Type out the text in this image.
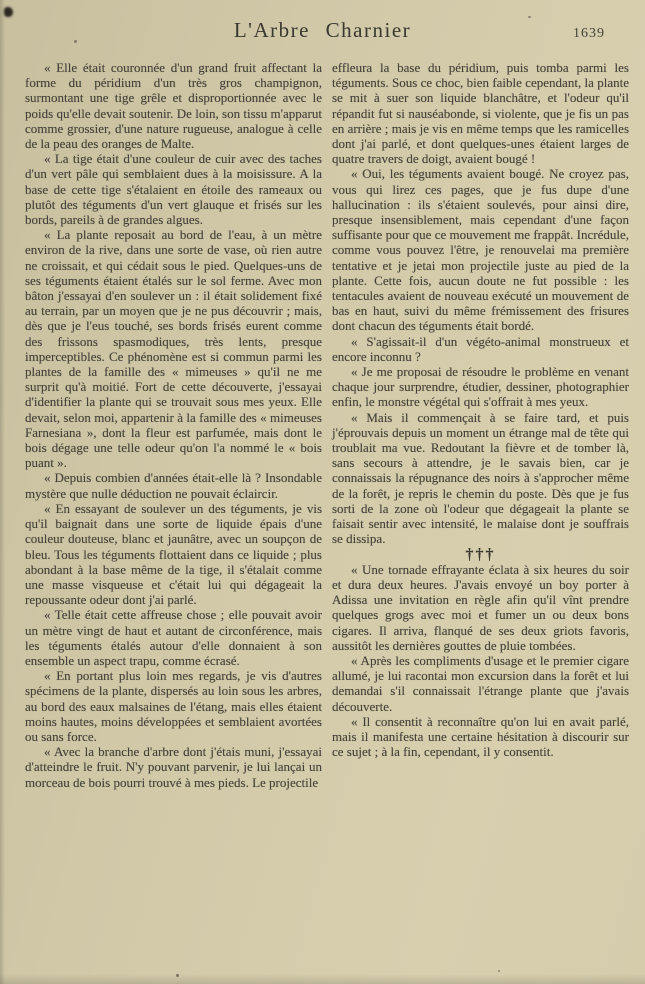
L'Arbre Charnier	1639

« Elle était couronnée d'un grand fruit affectant la forme du péridium d'un très gros champignon, surmontant une tige grêle et disproportionnée avec le poids qu'elle devait soutenir. De loin, son tissu m'apparut comme grossier, d'une nature rugueuse, analogue à celle de la peau des oranges de Malte.

« La tige était d'une couleur de cuir avec des taches d'un vert pâle qui semblaient dues à la moisissure. A la base de cette tige s'étalaient en étoile des rameaux ou plutôt des téguments d'un vert glauque et frisés sur les bords, pareils à de grandes algues.

« La plante reposait au bord de l'eau, à un mètre environ de la rive, dans une sorte de vase, où rien autre ne croissait, et qui cédait sous le pied. Quelques-uns de ses téguments étaient étalés sur le sol ferme. Avec mon bâton j'essayai d'en soulever un : il était solidement fixé au terrain, par un moyen que je ne pus découvrir ; mais, dès que je l'eus touché, ses bords frisés eurent comme des frissons spasmodiques, très lents, presque imperceptibles. Ce phénomène est si commun parmi les plantes de la famille des « mimeuses » qu'il ne me surprit qu'à moitié. Fort de cette découverte, j'essayai d'identifier la plante qui se trouvait sous mes yeux. Elle devait, selon moi, appartenir à la famille des « mimeuses Farnesiana », dont la fleur est parfumée, mais dont le bois dégage une telle odeur qu'on l'a nommé le « bois puant ».

« Depuis combien d'années était-elle là ? Insondable mystère que nulle déduction ne pouvait éclaircir.

« En essayant de soulever un des téguments, je vis qu'il baignait dans une sorte de liquide épais d'une couleur douteuse, blanc et jaunâtre, avec un soupçon de bleu. Tous les téguments flottaient dans ce liquide ; plus abondant à la base même de la tige, il s'étalait comme une masse visqueuse et c'était lui qui dégageait la repoussante odeur dont j'ai parlé.

« Telle était cette affreuse chose ; elle pouvait avoir un mètre vingt de haut et autant de circonférence, mais les téguments étalés autour d'elle donnaient à son ensemble un aspect trapu, comme écrasé.

« En portant plus loin mes regards, je vis d'autres spécimens de la plante, dispersés au loin sous les arbres, au bord des eaux malsaines de l'étang, mais elles étaient moins hautes, moins développées et semblaient avortées ou sans force.

« Avec la branche d'arbre dont j'étais muni, j'essayai d'atteindre le fruit. N'y pouvant parvenir, je lui lançai un morceau de bois pourri trouvé à mes pieds. Le projectile

effleura la base du péridium, puis tomba parmi les téguments. Sous ce choc, bien faible cependant, la plante se mit à suer son liquide blanchâtre, et l'odeur qu'il répandit fut si nauséabonde, si violente, que je fis un pas en arrière ; mais je vis en même temps que les ramicelles dont j'ai parlé, et dont quelques-unes étaient larges de quatre travers de doigt, avaient bougé !

« Oui, les téguments avaient bougé. Ne croyez pas, vous qui lirez ces pages, que je fus dupe d'une hallucination : ils s'étaient soulevés, pour ainsi dire, presque insensiblement, mais cependant d'une façon suffisante pour que ce mouvement me frappât. Incrédule, comme vous pouvez l'être, je renouvelai ma première tentative et je jetai mon projectile juste au pied de la plante. Cette fois, aucun doute ne fut possible : les tentacules avaient de nouveau exécuté un mouvement de bas en haut, suivi du même frémissement des frisures dont chacun des téguments était bordé.

« S'agissait-il d'un végéto-animal monstrueux et encore inconnu ?

« Je me proposai de résoudre le problème en venant chaque jour surprendre, étudier, dessiner, photographier enfin, le monstre végétal qui s'offrait à mes yeux.

« Mais il commençait à se faire tard, et puis j'éprouvais depuis un moment un étrange mal de tête qui troublait ma vue. Redoutant la fièvre et de tomber là, sans secours à attendre, je le savais bien, car je connaissais la répugnance des noirs à s'approcher même de la forêt, je repris le chemin du poste. Dès que je fus sorti de la zone où l'odeur que dégageait la plante se faisait sentir avec intensité, le malaise dont je souffrais se dissipa.

†††

« Une tornade effrayante éclata à six heures du soir et dura deux heures. J'avais envoyé un boy porter à Adissa une invitation en règle afin qu'il vînt prendre quelques grogs avec moi et fumer un ou deux bons cigares. Il arriva, flanqué de ses deux griots favoris, aussitôt les dernières gouttes de pluie tombées.

« Après les compliments d'usage et le premier cigare allumé, je lui racontai mon excursion dans la forêt et lui demandai s'il connaissait l'étrange plante que j'avais découverte.

« Il consentit à reconnaître qu'on lui en avait parlé, mais il manifesta une certaine hésitation à discourir sur ce sujet ; à la fin, cependant, il y consentit.
